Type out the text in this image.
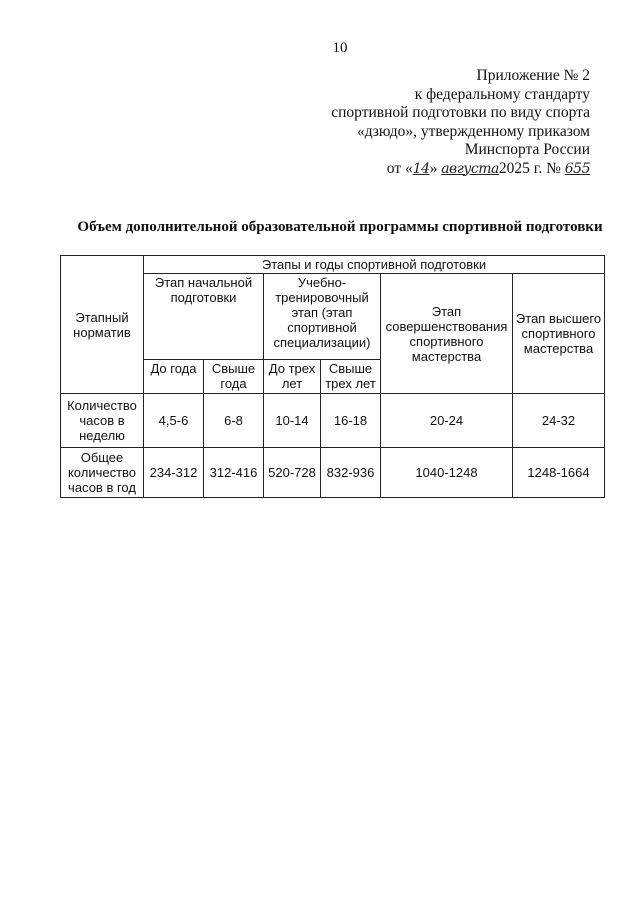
10
Приложение № 2
к федеральному стандарту
спортивной подготовки по виду спорта
«дзюдо», утвержденному приказом
Минспорта России
от «14» августа2025 г. № 655
Объем дополнительной образовательной программы спортивной подготовки
Этапный норматив	Этапы и годы спортивной подготовки					
	Этап начальной подготовки		Учебно-тренировочный этап (этап спортивной специализации)		Этап совершенствования спортивного мастерства	Этап высшего спортивного мастерства
	До года	Свыше года	До трех лет	Свыше трех лет		
Количество часов в неделю	4,5-6	6-8	10-14	16-18	20-24	24-32
Общее количество часов в год	234-312	312-416	520-728	832-936	1040-1248	1248-1664
